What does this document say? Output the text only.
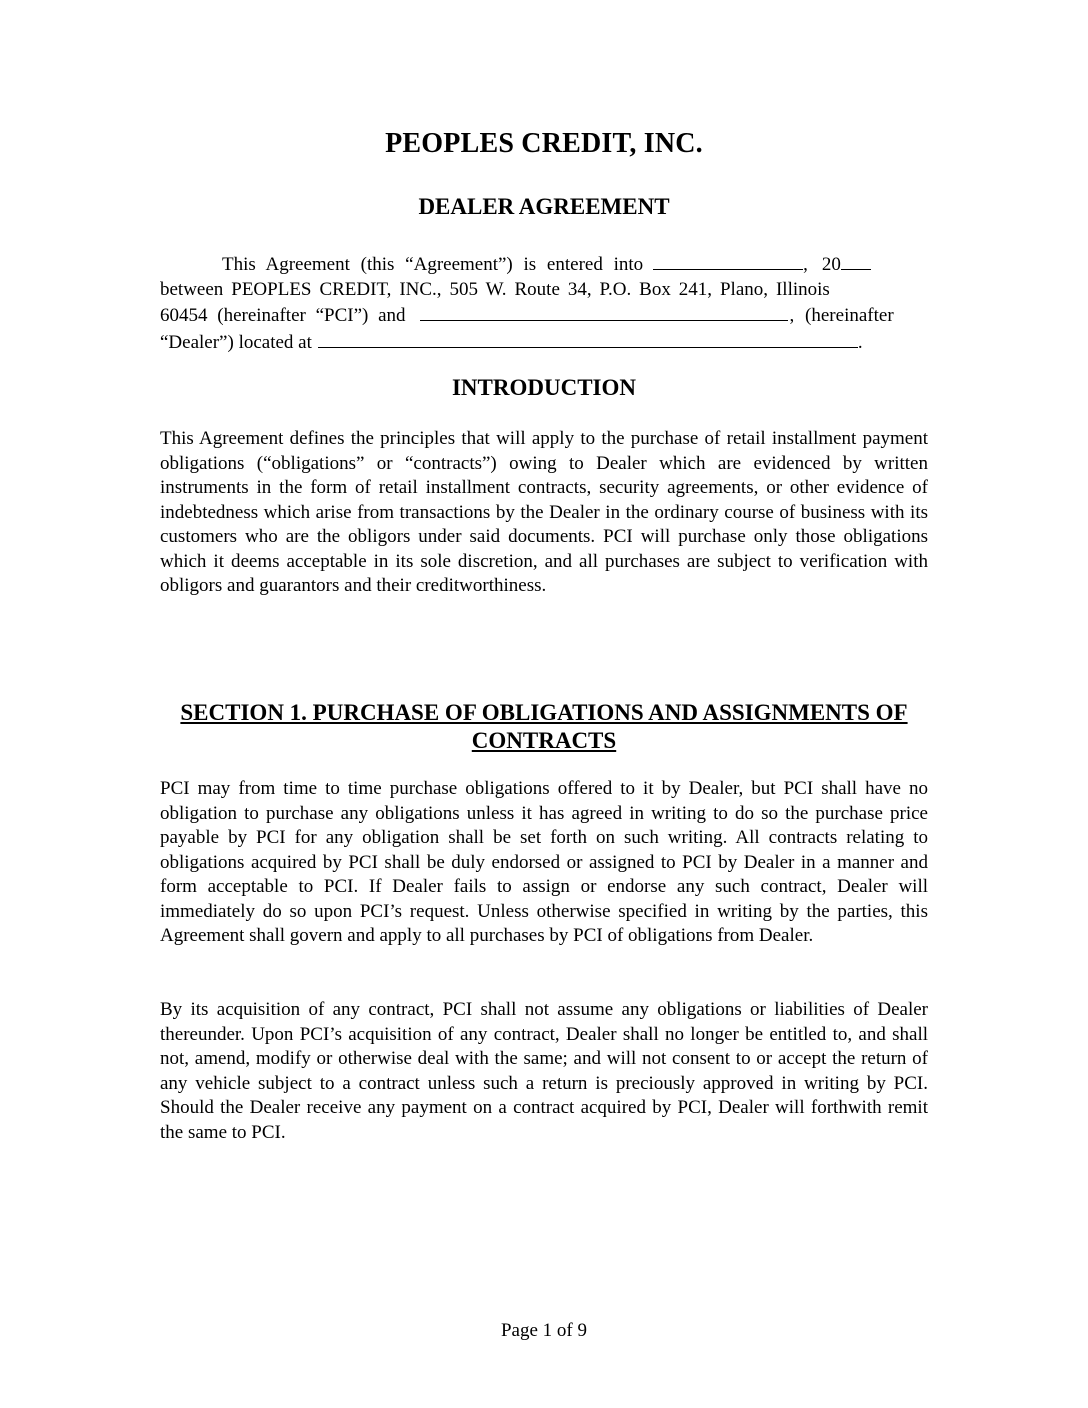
PEOPLES CREDIT, INC.
DEALER AGREEMENT
This Agreement (this “Agreement”) is entered into	, 20
between PEOPLES CREDIT, INC., 505 W. Route 34, P.O. Box 241, Plano, Illinois
60454 (hereinafter “PCI”) and	, (hereinafter
“Dealer”) located at	.
INTRODUCTION
This Agreement defines the principles that will apply to the purchase of retail installment payment obligations (“obligations” or “contracts”) owing to Dealer which are evidenced by written instruments in the form of retail installment contracts, security agreements, or other evidence of indebtedness which arise from transactions by the Dealer in the ordinary course of business with its customers who are the obligors under said documents. PCI will purchase only those obligations which it deems acceptable in its sole discretion, and all purchases are subject to verification with obligors and guarantors and their creditworthiness.
SECTION 1. PURCHASE OF OBLIGATIONS AND ASSIGNMENTS OF CONTRACTS
PCI may from time to time purchase obligations offered to it by Dealer, but PCI shall have no obligation to purchase any obligations unless it has agreed in writing to do so the purchase price payable by PCI for any obligation shall be set forth on such writing. All contracts relating to obligations acquired by PCI shall be duly endorsed or assigned to PCI by Dealer in a manner and form acceptable to PCI. If Dealer fails to assign or endorse any such contract, Dealer will immediately do so upon PCI’s request. Unless otherwise specified in writing by the parties, this Agreement shall govern and apply to all purchases by PCI of obligations from Dealer.
By its acquisition of any contract, PCI shall not assume any obligations or liabilities of Dealer thereunder. Upon PCI’s acquisition of any contract, Dealer shall no longer be entitled to, and shall not, amend, modify or otherwise deal with the same; and will not consent to or accept the return of any vehicle subject to a contract unless such a return is preciously approved in writing by PCI. Should the Dealer receive any payment on a contract acquired by PCI, Dealer will forthwith remit the same to PCI.
Page 1 of 9
